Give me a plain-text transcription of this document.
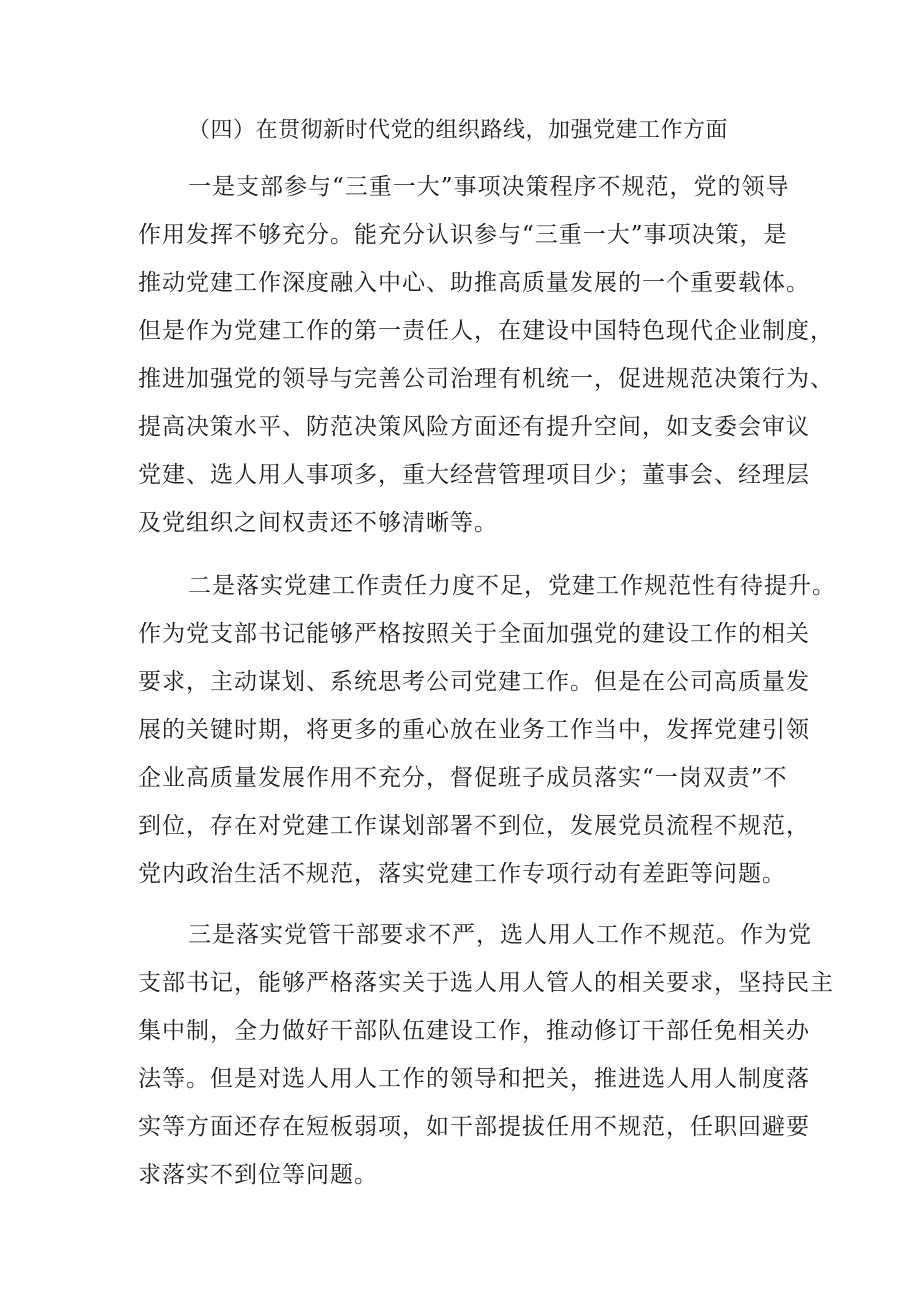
（四）在贯彻新时代党的组织路线，加强党建工作方面
一是支部参与“三重一大”事项决策程序不规范，党的领导
作用发挥不够充分。能充分认识参与“三重一大”事项决策，是
推动党建工作深度融入中心、助推高质量发展的一个重要载体。
但是作为党建工作的第一责任人，在建设中国特色现代企业制度，
推进加强党的领导与完善公司治理有机统一，促进规范决策行为、
提高决策水平、防范决策风险方面还有提升空间，如支委会审议
党建、选人用人事项多，重大经营管理项目少；董事会、经理层
及党组织之间权责还不够清晰等。
二是落实党建工作责任力度不足，党建工作规范性有待提升。
作为党支部书记能够严格按照关于全面加强党的建设工作的相关
要求，主动谋划、系统思考公司党建工作。但是在公司高质量发
展的关键时期，将更多的重心放在业务工作当中，发挥党建引领
企业高质量发展作用不充分，督促班子成员落实“一岗双责”不
到位，存在对党建工作谋划部署不到位，发展党员流程不规范，
党内政治生活不规范，落实党建工作专项行动有差距等问题。
三是落实党管干部要求不严，选人用人工作不规范。作为党
支部书记，能够严格落实关于选人用人管人的相关要求，坚持民主
集中制，全力做好干部队伍建设工作，推动修订干部任免相关办
法等。但是对选人用人工作的领导和把关，推进选人用人制度落
实等方面还存在短板弱项，如干部提拔任用不规范，任职回避要
求落实不到位等问题。
